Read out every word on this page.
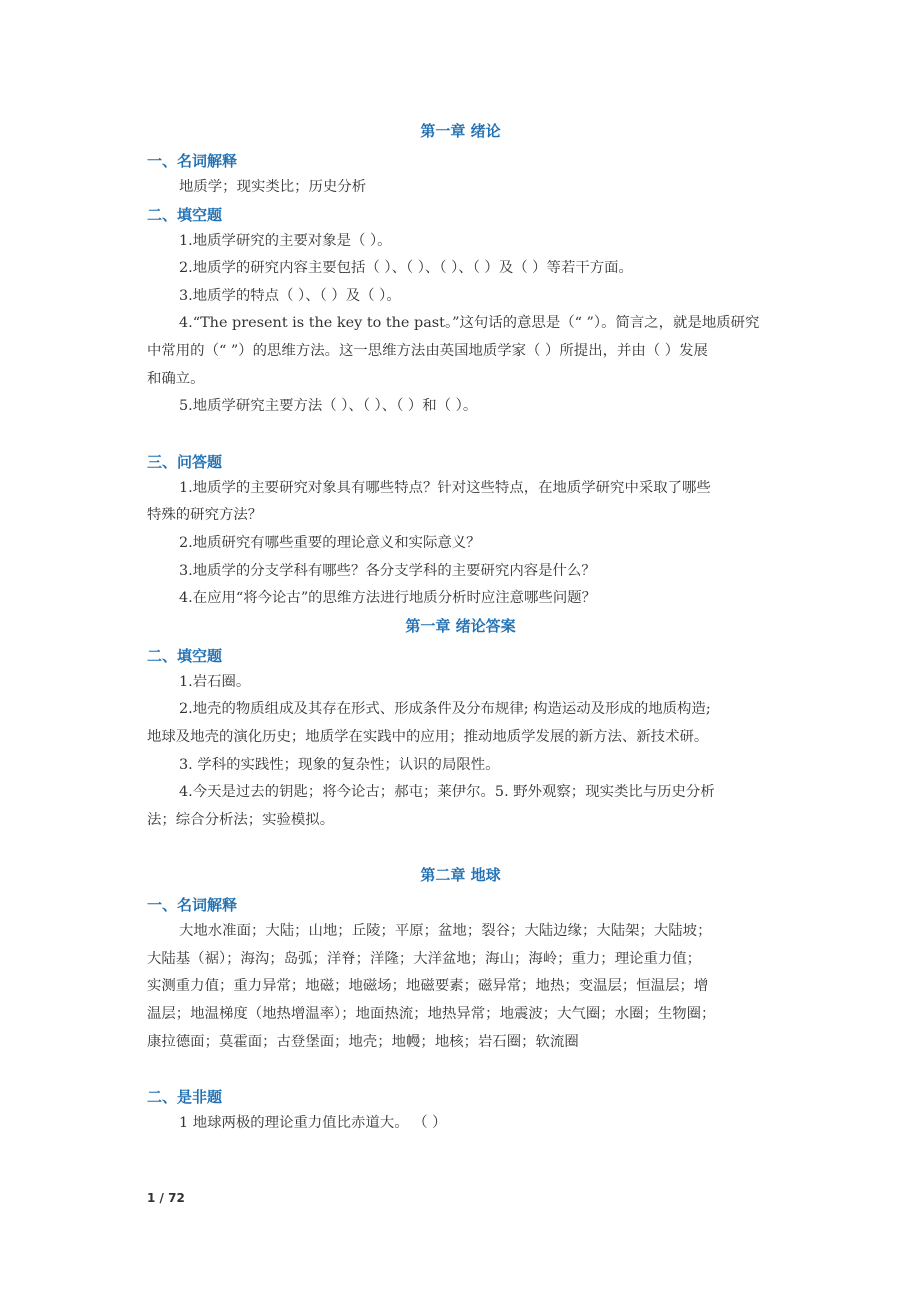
第一章 绪论
一、名词解释
地质学；现实类比；历史分析
二、填空题
1.地质学研究的主要对象是（ ）。
2.地质学的研究内容主要包括（ ）、（ ）、（ ）、（ ）及（ ）等若干方面。
3.地质学的特点（ ）、（ ）及（ ）。
4.“The present is the key to the past。”这句话的意思是（“ ”）。简言之，就是地质研究
中常用的（“ ”）的思维方法。这一思维方法由英国地质学家（ ）所提出，并由（ ）发展
和确立。
5.地质学研究主要方法（ ）、（ ）、（ ）和（ ）。
三、问答题
1.地质学的主要研究对象具有哪些特点？针对这些特点，在地质学研究中采取了哪些
特殊的研究方法？
2.地质研究有哪些重要的理论意义和实际意义？
3.地质学的分支学科有哪些？各分支学科的主要研究内容是什么？
4.在应用“将今论古”的思维方法进行地质分析时应注意哪些问题？
第一章 绪论答案
二、填空题
1.岩石圈。
2.地壳的物质组成及其存在形式、形成条件及分布规律; 构造运动及形成的地质构造;
地球及地壳的演化历史；地质学在实践中的应用；推动地质学发展的新方法、新技术研。
3. 学科的实践性；现象的复杂性；认识的局限性。
4.今天是过去的钥匙；将今论古；郝屯；莱伊尔。5. 野外观察；现实类比与历史分析
法；综合分析法；实验模拟。
第二章 地球
一、名词解释
大地水准面；大陆；山地；丘陵；平原；盆地；裂谷；大陆边缘；大陆架；大陆坡；
大陆基（裾）；海沟；岛弧；洋脊；洋隆；大洋盆地；海山；海岭；重力；理论重力值；
实测重力值；重力异常；地磁；地磁场；地磁要素；磁异常；地热；变温层；恒温层；增
温层；地温梯度（地热增温率）；地面热流；地热异常；地震波；大气圈；水圈；生物圈；
康拉德面；莫霍面；古登堡面；地壳；地幔；地核；岩石圈；软流圈
二、是非题
1 地球两极的理论重力值比赤道大。 （ ）
1 / 72
